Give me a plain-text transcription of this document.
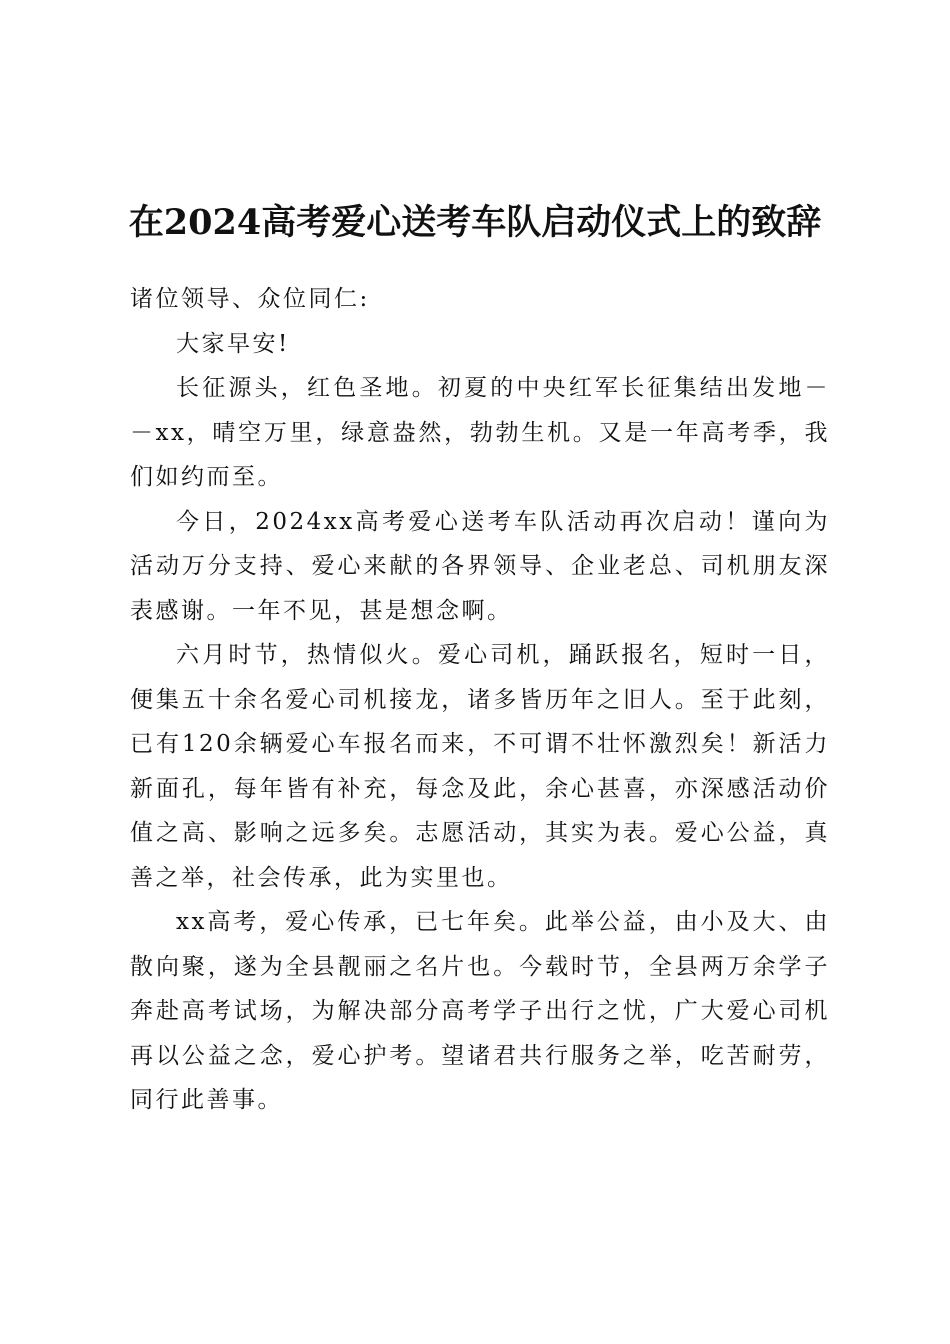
在2024高考爱心送考车队启动仪式上的致辞

诸位领导、众位同仁:

大家早安!

长征源头，红色圣地。初夏的中央红军长征集结出发地－－xx，晴空万里，绿意盎然，勃勃生机。又是一年高考季，我们如约而至。

今日，2024xx高考爱心送考车队活动再次启动！谨向为活动万分支持、爱心来献的各界领导、企业老总、司机朋友深表感谢。一年不见，甚是想念啊。

六月时节，热情似火。爱心司机，踊跃报名，短时一日，便集五十余名爱心司机接龙，诸多皆历年之旧人。至于此刻，已有120余辆爱心车报名而来，不可谓不壮怀激烈矣！新活力新面孔，每年皆有补充，每念及此，余心甚喜，亦深感活动价值之高、影响之远多矣。志愿活动，其实为表。爱心公益，真善之举，社会传承，此为实里也。

xx高考，爱心传承，已七年矣。此举公益，由小及大、由散向聚，遂为全县靓丽之名片也。今载时节，全县两万余学子奔赴高考试场，为解决部分高考学子出行之忧，广大爱心司机再以公益之念，爱心护考。望诸君共行服务之举，吃苦耐劳，同行此善事。
